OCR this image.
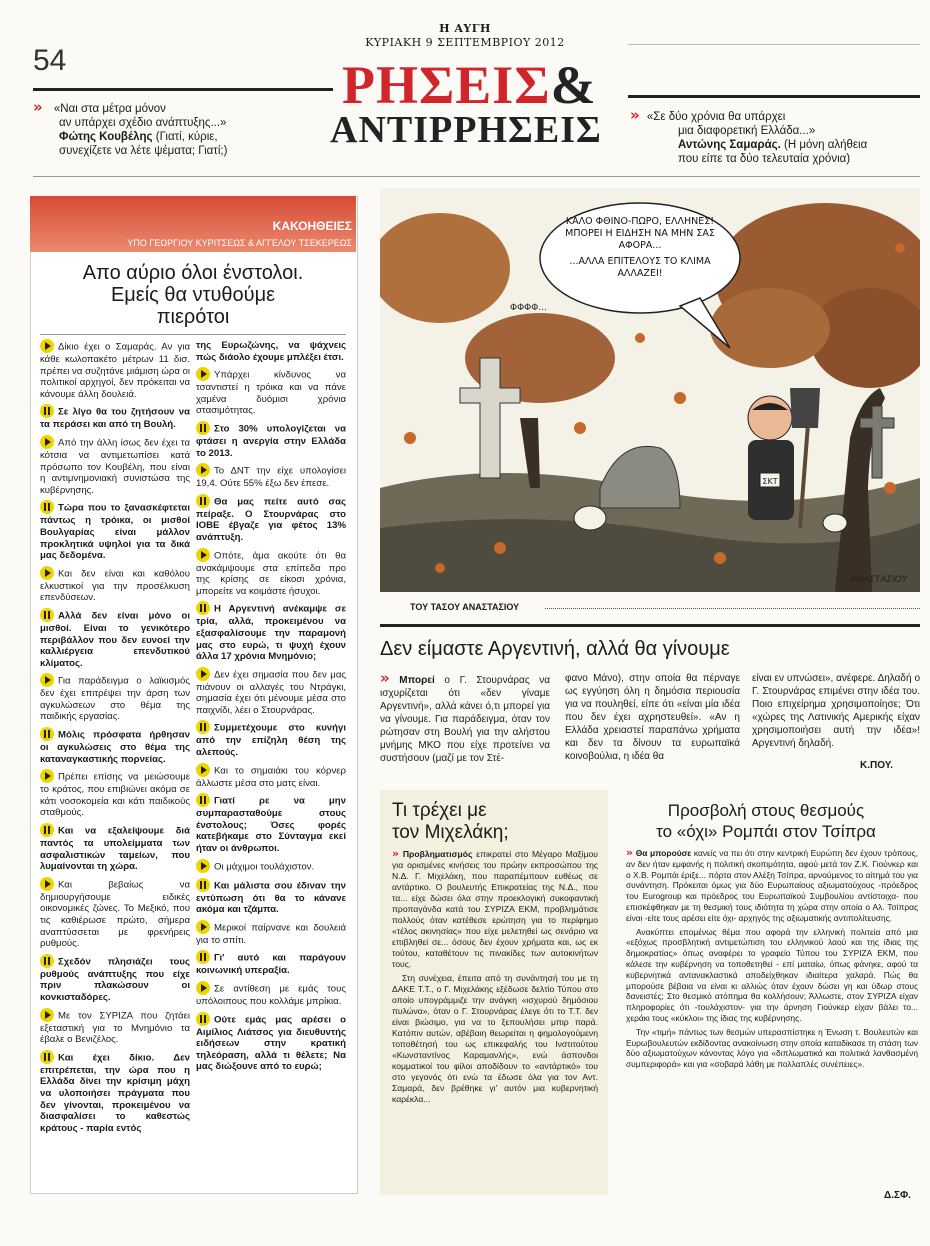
Η ΑΥΓΗ
ΚΥΡΙΑΚΗ 9 ΣΕΠΤΕΜΒΡΙΟΥ 2012
54	ΡΗΣΕΙΣ&
ΑΝΤΙΡΡΗΣΕΙΣ
» «Ναι στα μέτρα μόνον
αν υπάρχει σχέδιο ανάπτυξης...»
Φώτης Κουβέλης (Γιατί, κύριε,
συνεχίζετε να λέτε ψέματα; Γιατί;)
» «Σε δύο χρόνια θα υπάρχει
μια διαφορετική Ελλάδα...»
Αντώνης Σαμαράς. (Η μόνη αλήθεια
που είπε τα δύο τελευταία χρόνια)
ΚΑΚΟΗΘΕΙΕΣ
ΥΠΟ ΓΕΩΡΓΙΟΥ ΚΥΡΙΤΣΕΩΣ & ΑΓΓΕΛΟΥ ΤΣΕΚΕΡΕΩΣ
Απο αύριο όλοι ένστολοι.
Εμείς θα ντυθούμε
πιερότοι

Δίκιο έχει ο Σαμαράς. Αν για κάθε κωλοπακέτο μέτρων 11 δισ. πρέπει να συζητάνε μιάμιση ώρα οι πολιτικοί αρχηγοί, δεν πρόκειται να κάνουμε άλλη δουλειά.

Σε λίγο θα του ζητήσουν να τα περάσει και από τη Βουλή.

Από την άλλη ίσως δεν έχει τα κότσια να αντιμετωπίσει κατά πρόσωπο τον Κουβέλη, που είναι η αντιμνημονιακή συνιστώσα της κυβέρνησης.

Τώρα που το ξανασκέφτεται πάντως η τρόικα, οι μισθοί Βουλγαρίας είναι μάλλον προκλητικά υψηλοί για τα δικά μας δεδομένα.

Και δεν είναι και καθόλου ελκυστικοί για την προσέλκυση επενδύσεων.

Αλλά δεν είναι μόνο οι μισθοί. Είναι το γενικότερο περιβάλλον που δεν ευνοεί την καλλιέργεια επενδυτικού κλίματος.

Για παράδειγμα ο λαϊκισμός δεν έχει επιτρέψει την άρση των αγκυλώσεων στο θέμα της παιδικής εργασίας.

Μόλις πρόσφατα ήρθησαν οι αγκυλώσεις στο θέμα της καταναγκαστικής πορνείας.

Πρέπει επίσης να μειώσουμε το κράτος, που επιβιώνει ακόμα σε κάτι νοσοκομεία και κάτι παιδικούς σταθμούς.

Και να εξαλείψουμε διά παντός τα υπολείμματα των ασφαλιστικών ταμείων, που λυμαίνονται τη χώρα.

Και βεβαίως να δημιουργήσουμε ειδικές οικονομικές ζώνες. Το Μεξικό, που τις καθιέρωσε πρώτο, σήμερα αναπτύσσεται με φρενήρεις ρυθμούς.

Σχεδόν πλησιάζει τους ρυθμούς ανάπτυξης που είχε πριν πλακώσουν οι κονκισταδόρες.

Με τον ΣΥΡΙΖΑ που ζητάει εξεταστική για το Μνημόνιο τα έβαλε ο Βενιζέλος.

Και έχει δίκιο. Δεν επιτρέπεται, την ώρα που η Ελλάδα δίνει την κρίσιμη μάχη να υλοποιήσει πράγματα που δεν γίνονται, προκειμένου να διασφαλίσει το καθεστώς κράτους - παρία εντός

της Ευρωζώνης, να ψάχνεις πώς διάολο έχουμε μπλέξει έτσι.

Υπάρχει κίνδυνος να τσαντιστεί η τρόικα και να πάνε χαμένα δυόμισι χρόνια στασιμότητας.

Στο 30% υπολογίζεται να φτάσει η ανεργία στην Ελλάδα το 2013.

Το ΔΝΤ την είχε υπολογίσει 19,4. Ούτε 55% έξω δεν έπεσε.

Θα μας πείτε αυτό σας πείραξε. Ο Στουρνάρας στο ΙΟΒΕ έβγαζε για φέτος 13% ανάπτυξη.

Οπότε, άμα ακούτε ότι θα ανακάμψουμε στα επίπεδα προ της κρίσης σε είκοσι χρόνια, μπορείτε να κοιμάστε ήσυχοι.

Η Αργεντινή ανέκαμψε σε τρία, αλλά, προκειμένου να εξασφαλίσουμε την παραμονή μας στο ευρώ, τι ψυχή έχουν άλλα 17 χρόνια Μνημόνιο;

Δεν έχει σημασία που δεν μας πιάνουν οι αλλαγές του Ντράγκι, σημασία έχει ότι μένουμε μέσα στο παιχνίδι, λέει ο Στουρνάρας.

Συμμετέχουμε στο κυνήγι από την επίζηλη θέση της αλεπούς.

Και το σημαιάκι του κόρνερ άλλωστε μέσα στο ματς είναι.

Γιατί ρε να μην συμπαρασταθούμε στους ένστολους; Όσες φορές κατεβήκαμε στο Σύνταγμα εκεί ήταν οι άνθρωποι.

Οι μάχιμοι τουλάχιστον.

Και μάλιστα σου έδιναν την εντύπωση ότι θα το κάνανε ακόμα και τζάμπα.

Μερικοί παίρνανε και δουλειά για το σπίτι.

Γι' αυτό και παράγουν κοινωνική υπεραξία.

Σε αντίθεση με εμάς τους υπόλοιπους που κολλάμε μπρίκια.

Ούτε εμάς μας αρέσει ο Αιμίλιος Λιάτσος για διευθυντής ειδήσεων στην κρατική τηλεόραση, αλλά τι θέλετε; Να μας διώξουνε από το ευρώ;

ΣΚΤ
ΚΑΛΟ ΦΘΙΝΟ-ΠΩΡΟ, ΕΛΛΗΝΕΣ! ΜΠΟΡΕΙ Η ΕΙΔΗΣΗ ΝΑ ΜΗΝ ΣΑΣ ΑΦΟΡΑ...
...ΑΛΛΑ ΕΠΙΤΕΛΟΥΣ ΤΟ ΚΛΙΜΑ ΑΛΛΑΖΕΙ!
ΦΦΦΦ...
ΑΝΑΣΤΑΣΙΟΥ
ΤΟΥ ΤΑΣΟΥ ΑΝΑΣΤΑΣΙΟΥ
Δεν είμαστε Αργεντινή, αλλά θα γίνουμε
» Μπορεί ο Γ. Στουρνάρας να ισχυρίζεται ότι «δεν γίναμε Αργεντινή», αλλά κάνει ό,τι μπορεί για να γίνουμε. Για παράδειγμα, όταν τον ρώτησαν στη Βουλή για την αλήστου μνήμης ΜΚΟ που είχε προτείνει να συστήσουν (μαζί με τον Στέ-
φανο Μάνο), στην οποία θα πέρναγε ως εγγύηση όλη η δημόσια περιουσία για να πουληθεί, είπε ότι «είναι μία ιδέα που δεν έχει αχρηστευθεί». «Αν η Ελλάδα χρειαστεί παραπάνω χρήματα και δεν τα δίνουν τα ευρωπαϊκά κοινοβούλια, η ιδέα θα
είναι εν υπνώσει», ανέφερε. Δηλαδή ο Γ. Στουρνάρας επιμένει στην ιδέα του. Ποιο επιχείρημα χρησιμοποίησε; Ότι «χώρες της Λατινικής Αμερικής είχαν χρησιμοποιήσει αυτή την ιδέα»! Αργεντινή δηλαδή.
Κ.ΠΟΥ.
Τι τρέχει με
τον Μιχελάκη;

» Προβληματισμός επικρατεί στο Μέγαρο Μαξίμου για ορισμένες κινήσεις του πρώην εκπροσώπου της Ν.Δ. Γ. Μιχελάκη, που παραπέμπουν ευθέως σε αντάρτικο. Ο βουλευτής Επικρατείας της Ν.Δ., που τα... είχε δώσει όλα στην προεκλογική συκοφαντική προπαγάνδα κατά του ΣΥΡΙΖΑ ΕΚΜ, προβλημάτισε πολλούς όταν κατέθεσε ερώτηση για το περίφημο «τέλος ακινησίας» που είχε μελετηθεί ως σενάριο να επιβληθεί σε... όσους δεν έχουν χρήματα και, ως εκ τούτου, καταθέτουν τις πινακίδες των αυτοκινήτων τους.

Στη συνέχεια, έπειτα από τη συνάντησή του με τη ΔΑΚΕ Τ.Τ., ο Γ. Μιχελάκης εξέδωσε δελτίο Τύπου στο οποίο υπογράμμιζε την ανάγκη «ισχυρού δημόσιου πυλώνα», όταν ο Γ. Στουρνάρας έλεγε ότι το Τ.Τ. δεν είναι βιώσιμο, για να το ξεπουλήσει μπιρ παρά. Κατόπιν αυτών, αβέβαιη θεωρείται η φημολογούμενη τοποθέτησή του ως επικεφαλής του Ινστιτούτου «Κωνσταντίνος Καραμανλής», ενώ άσπονδοι κομματικοί του φίλοι αποδίδουν το «αντάρτικό» του στο γεγονός ότι ενώ τα έδωσε όλα για τον Αντ. Σαμαρά, δεν βρέθηκε γι' αυτόν μια κυβερνητική καρέκλα...

Προσβολή στους θεσμούς
το «όχι» Ρομπάι στον Τσίπρα

» Θα μπορούσε κανείς να πει ότι στην κεντρική Ευρώπη δεν έχουν τρόπους, αν δεν ήταν εμφανής η πολιτική σκοπιμότητα, αφού μετά τον Ζ.Κ. Γιούνκερ και ο Χ.Β. Ρομπάι έριξε... πόρτα στον Αλέξη Τσίπρα, αρνούμενος το αίτημά του για συνάντηση. Πρόκειται όμως για δύο Ευρωπαίους αξιωματούχους -πρόεδρος του Eurogroup και πρόεδρος του Ευρωπαϊκού Συμβουλίου αντίστοιχα- που επισκέφθηκαν με τη θεσμική τους ιδιότητα τη χώρα στην οποία ο Αλ. Τσίπρας είναι -είτε τους αρέσει είτε όχι- αρχηγός της αξιωματικής αντιπολίτευσης.

Ανακύπτει επομένως θέμα που αφορά την ελληνική πολιτεία από μια «εξόχως προσβλητική αντιμετώπιση του ελληνικού λαού και της ίδιας της δημοκρατίας» όπως αναφέρει το γραφείο Τύπου του ΣΥΡΙΖΑ ΕΚΜ, που κάλεσε την κυβέρνηση να τοποθετηθεί - επί ματαίω, όπως φάνηκε, αφού τα κυβερνητικά αντανακλαστικά αποδείχθηκαν ιδιαίτερα χαλαρά. Πώς θα μπορούσε βέβαια να είναι κι αλλιώς όταν έχουν δώσει γη και ύδωρ στους δανειστές; Στο θεσμικό ατόπημα θα κολλήσουν; Άλλωστε, στον ΣΥΡΙΖΑ είχαν πληροφορίες ότι -τουλάχιστον- για την άρνηση Γιούνκερ είχαν βάλει το... χεράκι τους «κύκλοι» της ίδιας της κυβέρνησης.

Την «τιμή» πάντως των θεσμών υπερασπίστηκε η Ένωση τ. Βουλευτών και Ευρωβουλευτών εκδίδοντας ανακοίνωση στην οποία καταδίκασε τη στάση των δύο αξιωματούχων κάνοντας λόγο για «διπλωματικά και πολιτικά λανθασμένη συμπεριφορά» και για «σοβαρά λάθη με πολλαπλές συνέπειες».

Δ.ΣΦ.
